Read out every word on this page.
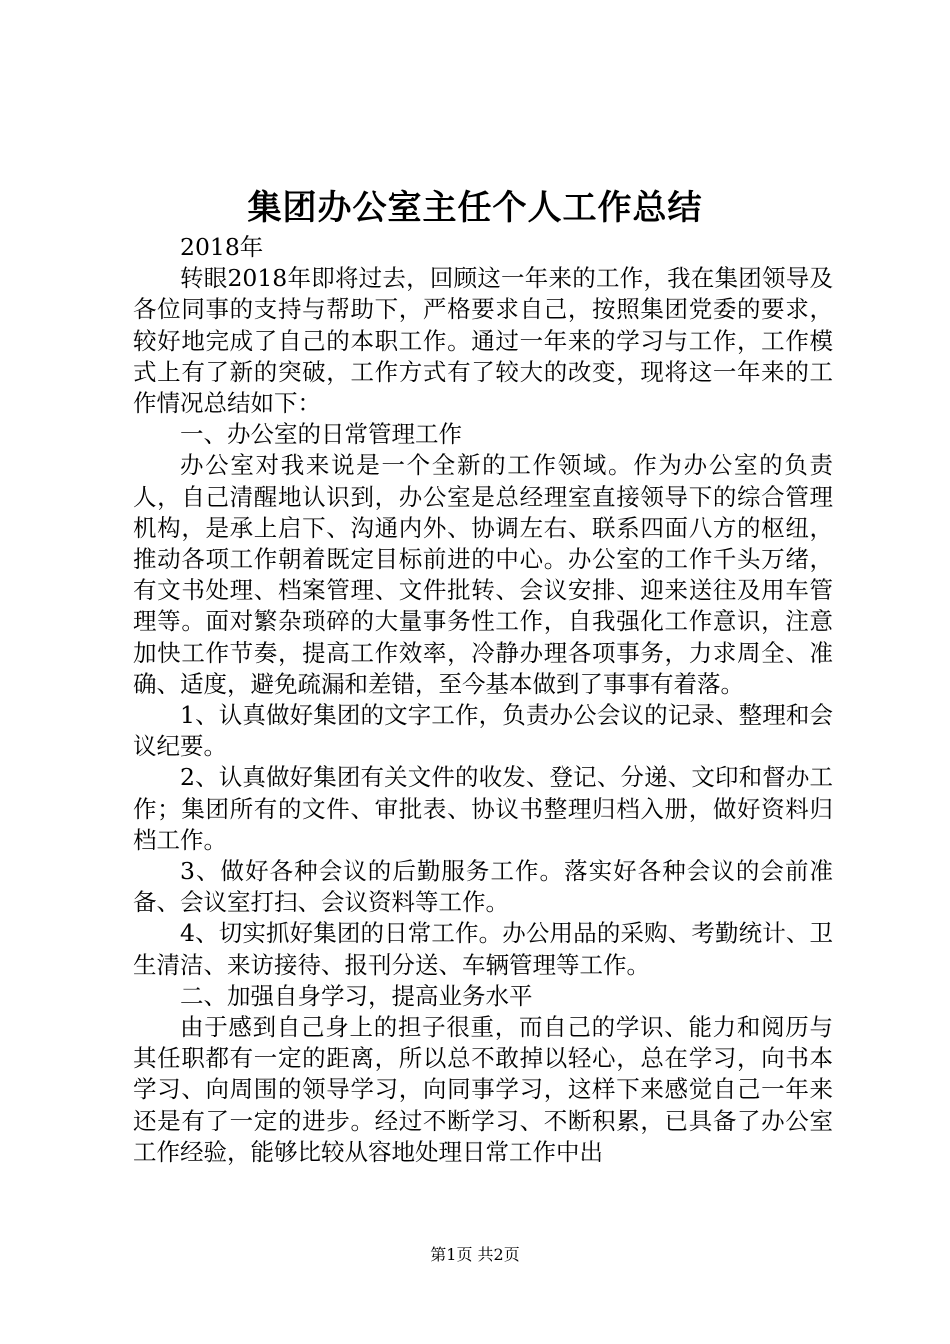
集团办公室主任个人工作总结

2018年

转眼2018年即将过去，回顾这一年来的工作，我在集团领导及各位同事的支持与帮助下，严格要求自己，按照集团党委的要求，较好地完成了自己的本职工作。通过一年来的学习与工作，工作模式上有了新的突破，工作方式有了较大的改变，现将这一年来的工作情况总结如下：

一、办公室的日常管理工作

办公室对我来说是一个全新的工作领域。作为办公室的负责人，自己清醒地认识到，办公室是总经理室直接领导下的综合管理机构，是承上启下、沟通内外、协调左右、联系四面八方的枢纽，推动各项工作朝着既定目标前进的中心。办公室的工作千头万绪，有文书处理、档案管理、文件批转、会议安排、迎来送往及用车管理等。面对繁杂琐碎的大量事务性工作，自我强化工作意识，注意加快工作节奏，提高工作效率，冷静办理各项事务，力求周全、准确、适度，避免疏漏和差错，至今基本做到了事事有着落。

1、认真做好集团的文字工作，负责办公会议的记录、整理和会议纪要。

2、认真做好集团有关文件的收发、登记、分递、文印和督办工作；集团所有的文件、审批表、协议书整理归档入册，做好资料归档工作。

3、做好各种会议的后勤服务工作。落实好各种会议的会前准备、会议室打扫、会议资料等工作。

4、切实抓好集团的日常工作。办公用品的采购、考勤统计、卫生清洁、来访接待、报刊分送、车辆管理等工作。

二、加强自身学习，提高业务水平

由于感到自己身上的担子很重，而自己的学识、能力和阅历与其任职都有一定的距离，所以总不敢掉以轻心，总在学习，向书本学习、向周围的领导学习，向同事学习，这样下来感觉自己一年来还是有了一定的进步。经过不断学习、不断积累，已具备了办公室工作经验，能够比较从容地处理日常工作中出

第1页 共2页
